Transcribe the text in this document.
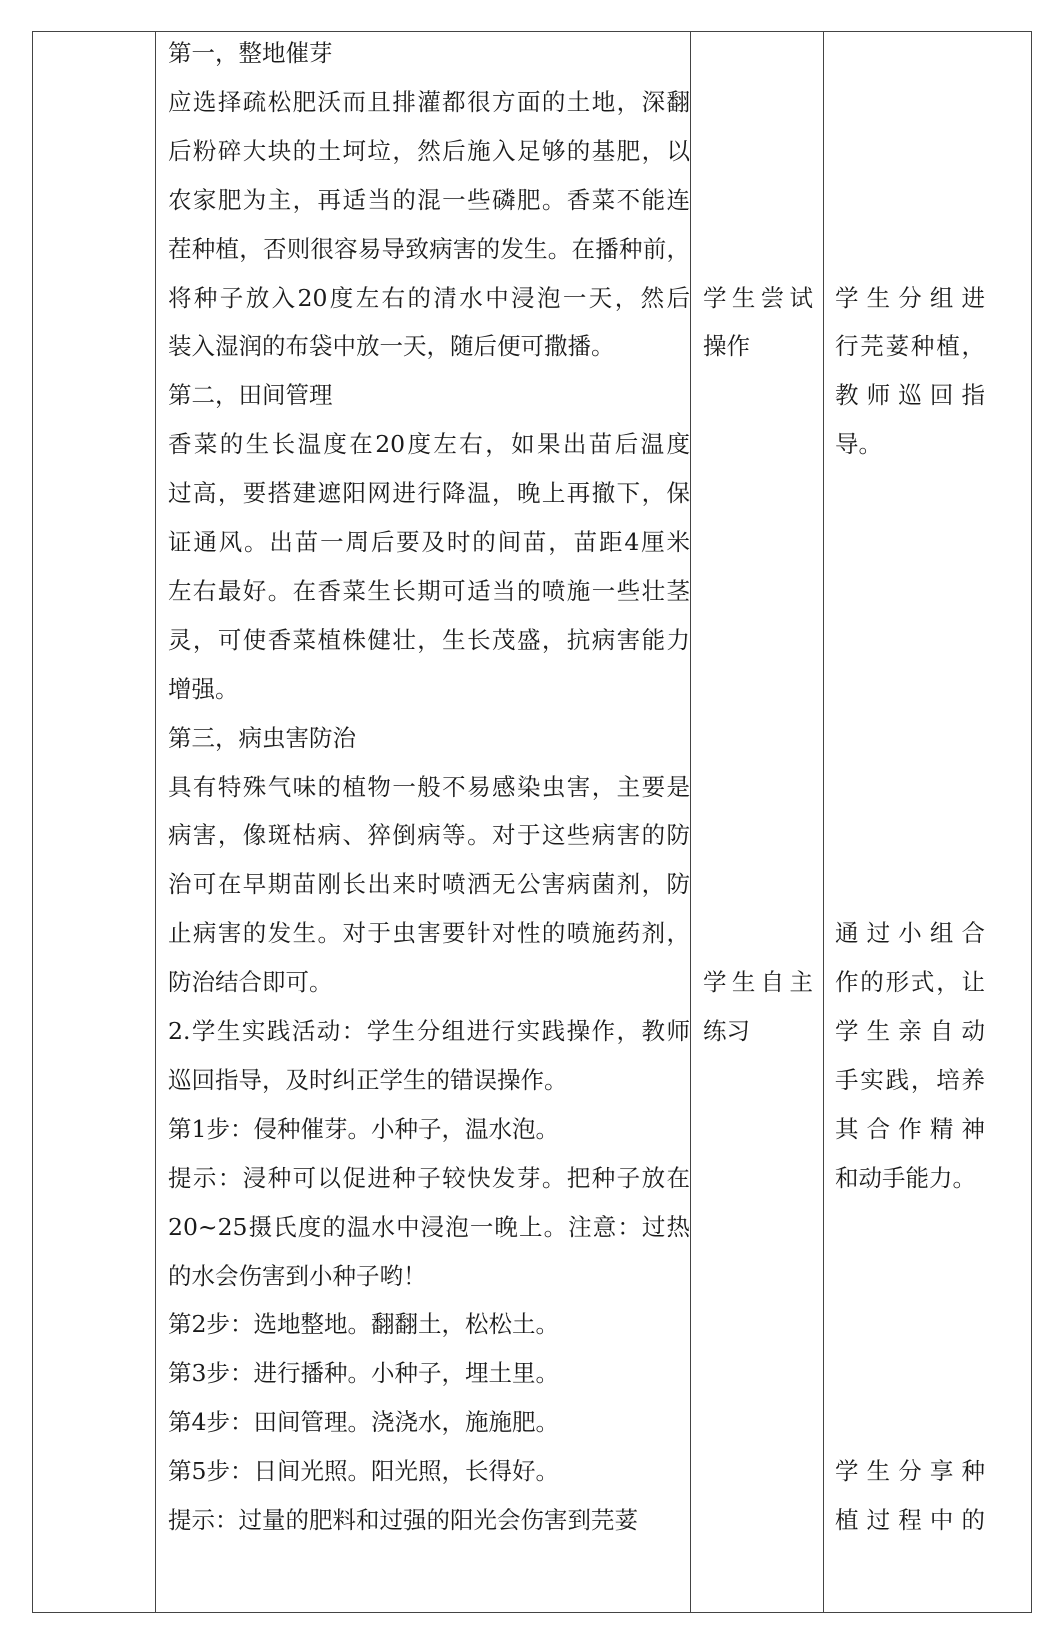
第一，整地催芽
应选择疏松肥沃而且排灌都很方面的土地，深翻
后粉碎大块的土坷垃，然后施入足够的基肥，以
农家肥为主，再适当的混一些磷肥。香菜不能连
茬种植，否则很容易导致病害的发生。在播种前，
将种子放入20度左右的清水中浸泡一天，然后
装入湿润的布袋中放一天，随后便可撒播。
第二，田间管理
香菜的生长温度在20度左右，如果出苗后温度
过高，要搭建遮阳网进行降温，晚上再撤下，保
证通风。出苗一周后要及时的间苗，苗距4厘米
左右最好。在香菜生长期可适当的喷施一些壮茎
灵，可使香菜植株健壮，生长茂盛，抗病害能力
增强。
第三，病虫害防治
具有特殊气味的植物一般不易感染虫害，主要是
病害，像斑枯病、猝倒病等。对于这些病害的防
治可在早期苗刚长出来时喷洒无公害病菌剂，防
止病害的发生。对于虫害要针对性的喷施药剂，
防治结合即可。
2.学生实践活动：学生分组进行实践操作，教师
巡回指导，及时纠正学生的错误操作。
第1步：侵种催芽。小种子，温水泡。
提示：浸种可以促进种子较快发芽。把种子放在
20~25摄氏度的温水中浸泡一晚上。注意：过热
的水会伤害到小种子哟！
第2步：选地整地。翻翻土，松松土。
第3步：进行播种。小种子，埋土里。
第4步：田间管理。浇浇水，施施肥。
第5步：日间光照。阳光照，长得好。
提示：过量的肥料和过强的阳光会伤害到芫荽
学生尝试
操作
学生自主
练习
学生分组进
行芫荽种植，
教师巡回指
导。
通过小组合
作的形式，让
学生亲自动
手实践，培养
其合作精神
和动手能力。
学生分享种
植过程中的
